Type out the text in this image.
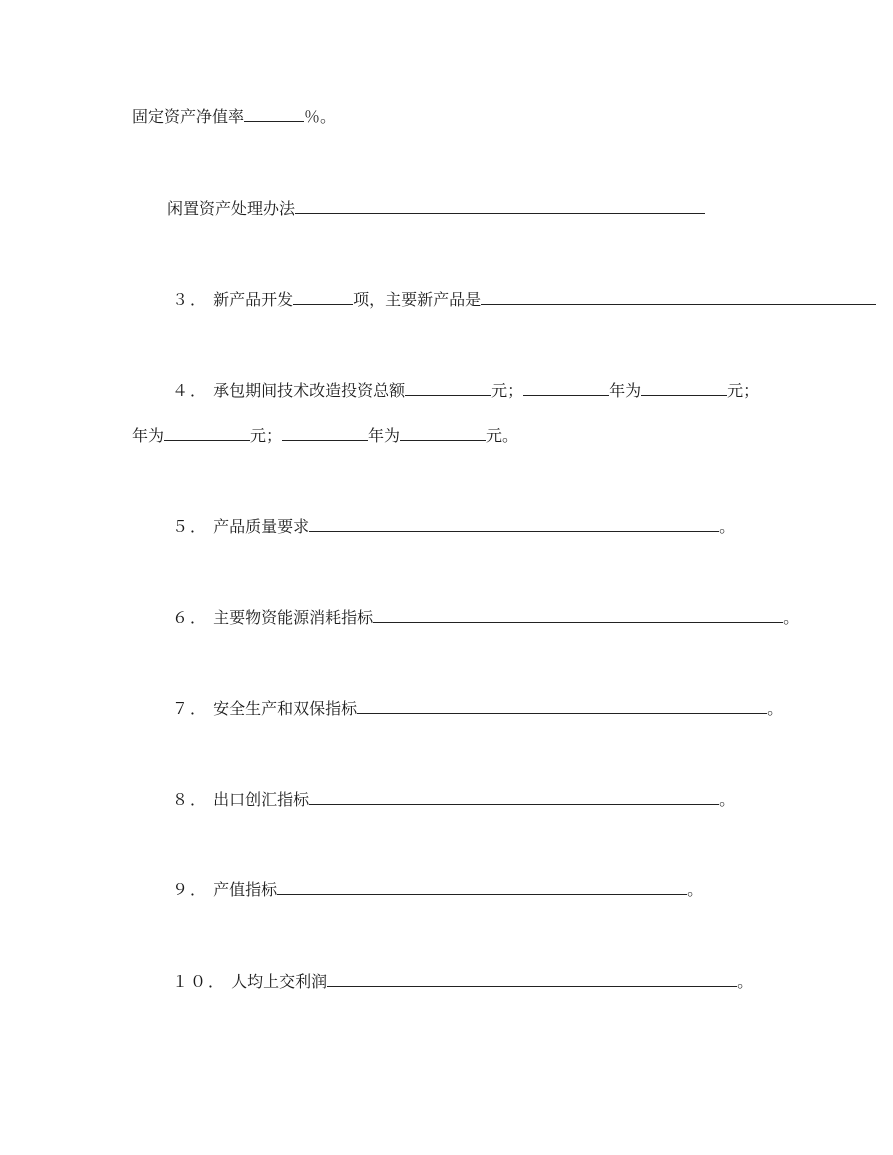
固定资产净值率	％。
闲置资产处理办法
３． 新产品开发	项，主要新产品是
４． 承包期间技术改造投资总额	元；	年为	元；
年为	元；	年为	元。
５． 产品质量要求	。
６． 主要物资能源消耗指标	。
７． 安全生产和双保指标	。
８． 出口创汇指标	。
９． 产值指标	。
１０． 人均上交利润	。
